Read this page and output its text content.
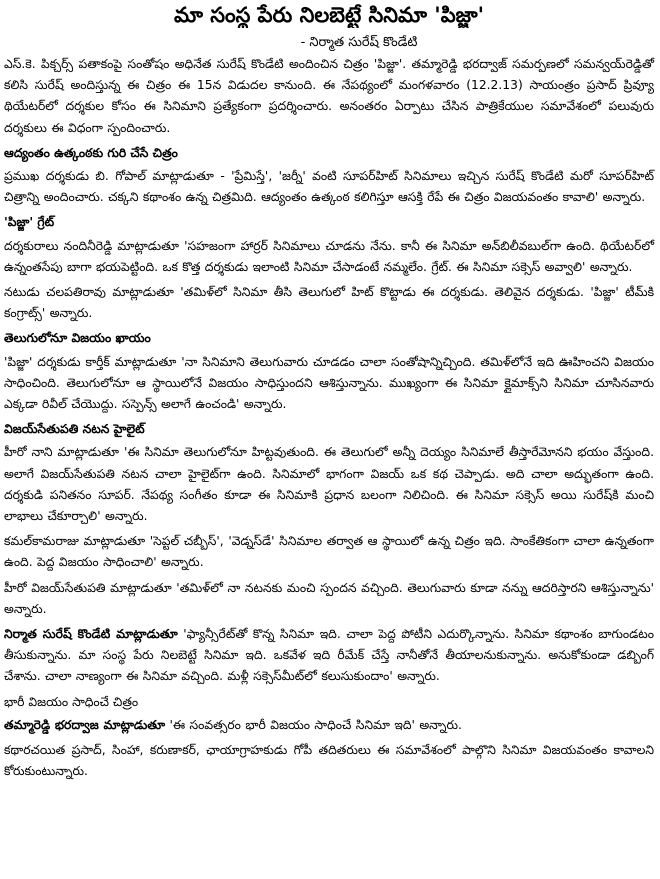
మా సంస్థ పేరు నిలబెట్టే సినిమా 'పిజ్జా'
- నిర్మాత సురేష్ కొండేటి

ఎస్.కె. పిక్చర్స్ పతాకంపై సంతోషం అధినేత సురేష్ కొండేటి అందించిన చిత్రం 'పిజ్జా'. తమ్మారెడ్డి భరద్వాజ్ సమర్పణలో సమన్వయ్‌రెడ్డితో కలిసి సురేష్ అందిస్తున్న ఈ చిత్రం ఈ 15న విడుదల కానుంది. ఈ నేపథ్యంలో మంగళవారం (12.2.13) సాయంత్రం ప్రసాద్ ప్రివ్యూ థియేటర్‌లో దర్శకుల కోసం ఈ సినిమాని ప్రత్యేకంగా ప్రదర్శించారు. అనంతరం ఏర్పాటు చేసిన పాత్రికేయుల సమావేశంలో పలువురు దర్శకులు ఈ విధంగా స్పందించారు.

ఆద్యంతం ఉత్కంఠకు గురి చేసే చిత్రం

ప్రముఖ దర్శకుడు బి. గోపాల్ మాట్లాడుతూ - 'ప్రేమిస్తే', 'జర్నీ' వంటి సూపర్‌హిట్ సినిమాలు ఇచ్చిన సురేష్ కొండేటి మరో సూపర్‌హిట్ చిత్రాన్ని అందించారు. చక్కని కథాంశం ఉన్న చిత్రమిది. ఆద్యంతం ఉత్కంఠ కలిగిస్తూ ఆసక్తి రేపే ఈ చిత్రం విజయవంతం కావాలి' అన్నారు.

'పిజ్జా' గ్రేట్

దర్శకురాలు నందినీరెడ్డి మాట్లాడుతూ 'సహజంగా హార్రర్ సినిమాలు చూడను నేను. కానీ ఈ సినిమా అన్‌బిలీవబుల్‌గా ఉంది. థియేటర్‌లో ఉన్నంతసేపు బాగా భయపెట్టింది. ఒక కొత్త దర్శకుడు ఇలాంటి సినిమా చేసాడంటే నమ్మలేం. గ్రేట్. ఈ సినిమా సక్సెస్ అవ్వాలి' అన్నారు.

నటుడు చలపతిరావు మాట్లాడుతూ 'తమిళ్‌లో సినిమా తీసి తెలుగులో హిట్ కొట్టాడు ఈ దర్శకుడు. తెలివైన దర్శకుడు. 'పిజ్జా' టీమ్‌కి కంగ్రాట్స్' అన్నారు.

తెలుగులోనూ విజయం ఖాయం

'పిజ్జా' దర్శకుడు కార్తీక్ మాట్లాడుతూ 'నా సినిమాని తెలుగువారు చూడడం చాలా సంతోషాన్నిచ్చింది. తమిళ్‌లోనే ఇది ఊహించని విజయం సాధించింది. తెలుగులోనూ ఆ స్థాయిలోనే విజయం సాధిస్తుందని ఆశిస్తున్నాను. ముఖ్యంగా ఈ సినిమా క్లైమాక్స్‌ని సినిమా చూసినవారు ఎక్కడా రివీల్ చేయొద్దు. సస్పెన్స్ అలాగే ఉంచండి' అన్నారు.

విజయ్‌సేతుపతి నటన హైలైట్

హీరో నాని మాట్లాడుతూ 'ఈ సినిమా తెలుగులోనూ హిట్టవుతుంది. ఈ తెలుగులో అన్నీ దెయ్యం సినిమాలే తీస్తారేమోనని భయం వేస్తుంది. అలాగే విజయ్‌సేతుపతి నటన చాలా హైలైట్‌గా ఉంది. సినిమాలో భాగంగా విజయ్ ఒక కథ చెప్పాడు. అది చాలా అద్భుతంగా ఉంది. దర్శకుడి పనితనం సూపర్. నేపథ్య సంగీతం కూడా ఈ సినిమాకి ప్రధాన బలంగా నిలిచింది. ఈ సినిమా సక్సెస్ అయి సురేష్‌కి మంచి లాభాలు చేకూర్చాలి' అన్నారు.

కమల్‌కామరాజు మాట్లాడుతూ 'సెప్టల్ చబ్బీస్', 'వెడ్నస్‌డే' సినిమాల తర్వాత ఆ స్థాయిలో ఉన్న చిత్రం ఇది. సాంకేతికంగా చాలా ఉన్నతంగా ఉంది. పెద్ద విజయం సాధించాలి' అన్నారు.

హీరో విజయ్‌సేతుపతి మాట్లాడుతూ 'తమిళ్‌లో నా నటనకు మంచి స్పందన వచ్చింది. తెలుగువారు కూడా నన్ను ఆదరిస్తారని ఆశిస్తున్నాను' అన్నారు.

నిర్మాత సురేష్ కొండేటి మాట్లాడుతూ 'ఫ్యాన్సీరేట్‌తో కొన్న సినిమా ఇది. చాలా పెద్ద పోటీని ఎదుర్కొన్నాను. సినిమా కథాంశం బాగుండటం తీసుకున్నాను. మా సంస్థ పేరు నిలబెట్టే సినిమా ఇది. ఒకవేళ ఇది రీమేక్ చేస్తే నానీతోనే తీయాలనుకున్నాను. అనుకోకుండా డబ్బింగ్ చేశాను. చాలా నాణ్యంగా ఈ సినిమా వచ్చింది. మళ్లీ సక్సెస్‌మీట్‌లో కలుసుకుందాం' అన్నారు.

భారీ విజయం సాధించే చిత్రం

తమ్మారెడ్డి భరద్వాజ మాట్లాడుతూ 'ఈ సంవత్సరం భారీ విజయం సాధించే సినిమా ఇది' అన్నారు.

కథారచయిత ప్రసాద్, సింహా, కరుణాకర్, ఛాయాగ్రాహకుడు గోపీ తదితరులు ఈ సమావేశంలో పాల్గొని సినిమా విజయవంతం కావాలని కోరుకుంటున్నారు.
